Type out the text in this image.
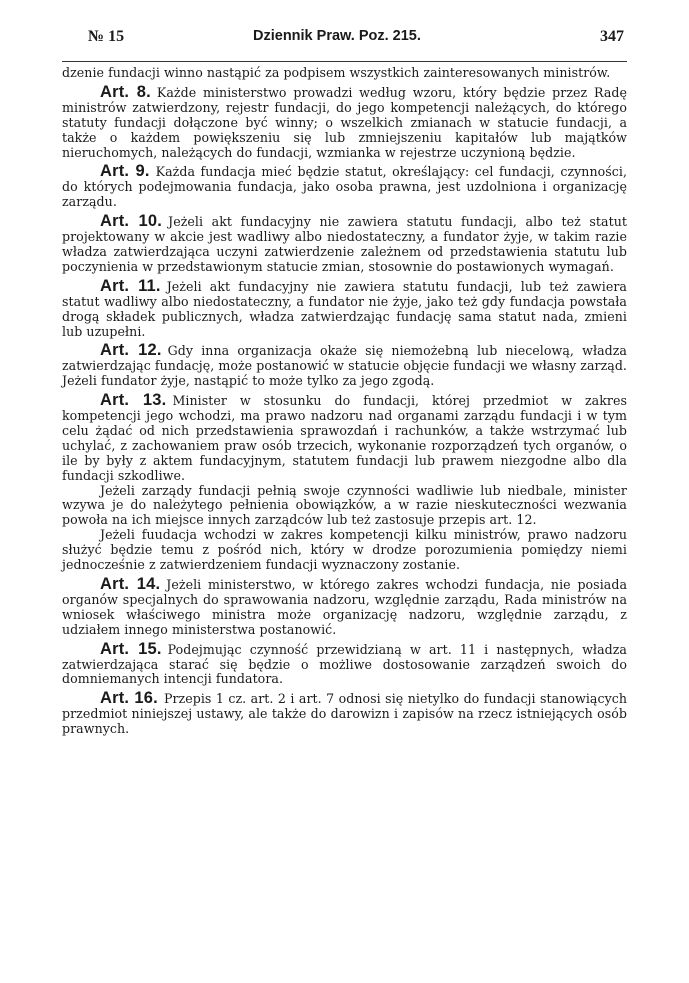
№ 15	Dziennik Praw. Poz. 215.	347

dzenie fundacji winno nastąpić za podpisem wszystkich zainteresowanych ministrów.

Art. 8. Każde ministerstwo prowadzi według wzoru, który będzie przez Radę ministrów zatwierdzony, rejestr fundacji, do jego kompetencji należących, do którego statuty fundacji dołączone być winny; o wszelkich zmianach w statucie fundacji, a także o każdem powiększeniu się lub zmniejszeniu kapitałów lub majątków nieruchomych, należących do fundacji, wzmianka w rejestrze uczynioną będzie.

Art. 9. Każda fundacja mieć będzie statut, określający: cel fundacji, czynności, do których podejmowania fundacja, jako osoba prawna, jest uzdolniona i organizację zarządu.

Art. 10. Jeżeli akt fundacyjny nie zawiera statutu fundacji, albo też statut projektowany w akcie jest wadliwy albo niedostateczny, a fundator żyje, w takim razie władza zatwierdzająca uczyni zatwierdzenie zależnem od przedstawienia statutu lub poczynienia w przedstawionym statucie zmian, stosownie do postawionych wymagań.

Art. 11. Jeżeli akt fundacyjny nie zawiera statutu fundacji, lub też zawiera statut wadliwy albo niedostateczny, a fundator nie żyje, jako też gdy fundacja powstała drogą składek publicznych, władza zatwierdzając fundację sama statut nada, zmieni lub uzupełni.

Art. 12. Gdy inna organizacja okaże się niemożebną lub niecelową, władza zatwierdzając fundację, może postanowić w statucie objęcie fundacji we własny zarząd. Jeżeli fundator żyje, nastąpić to może tylko za jego zgodą.

Art. 13. Minister w stosunku do fundacji, której przedmiot w zakres kompetencji jego wchodzi, ma prawo nadzoru nad organami zarządu fundacji i w tym celu żądać od nich przedstawienia sprawozdań i rachunków, a także wstrzymać lub uchylać, z zachowaniem praw osób trzecich, wykonanie rozporządzeń tych organów, o ile by były z aktem fundacyjnym, statutem fundacji lub prawem niezgodne albo dla fundacji szkodliwe.

Jeżeli zarządy fundacji pełnią swoje czynności wadliwie lub niedbale, minister wzywa je do należytego pełnienia obowiązków, a w razie nieskuteczności wezwania powoła na ich miejsce innych zarządców lub też zastosuje przepis art. 12.

Jeżeli fuudacja wchodzi w zakres kompetencji kilku ministrów, prawo nadzoru służyć będzie temu z pośród nich, który w drodze porozumienia pomiędzy niemi jednocześnie z zatwierdzeniem fundacji wyznaczony zostanie.

Art. 14. Jeżeli ministerstwo, w którego zakres wchodzi fundacja, nie posiada organów specjalnych do sprawowania nadzoru, względnie zarządu, Rada ministrów na wniosek właściwego ministra może organizację nadzoru, względnie zarządu, z udziałem innego ministerstwa postanowić.

Art. 15. Podejmując czynność przewidzianą w art. 11 i następnych, władza zatwierdzająca starać się będzie o możliwe dostosowanie zarządzeń swoich do domniemanych intencji fundatora.

Art. 16. Przepis 1 cz. art. 2 i art. 7 odnosi się nietylko do fundacji stanowiących przedmiot niniejszej ustawy, ale także do darowizn i zapisów na rzecz istniejących osób prawnych.
